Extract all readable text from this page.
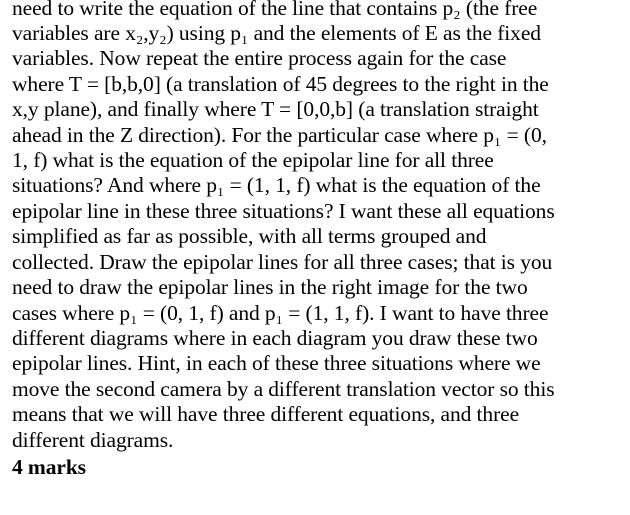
need to write the equation of the line that contains p₂ (the free
variables are x₂,y₂) using p₁ and the elements of E as the fixed
variables. Now repeat the entire process again for the case
where T = [b,b,0] (a translation of 45 degrees to the right in the
x,y plane), and finally where T = [0,0,b] (a translation straight
ahead in the Z direction). For the particular case where p₁ = (0,
1, f) what is the equation of the epipolar line for all three
situations? And where p₁ = (1, 1, f) what is the equation of the
epipolar line in these three situations? I want these all equations
simplified as far as possible, with all terms grouped and
collected. Draw the epipolar lines for all three cases; that is you
need to draw the epipolar lines in the right image for the two
cases where p₁ = (0, 1, f) and p₁ = (1, 1, f). I want to have three
different diagrams where in each diagram you draw these two
epipolar lines. Hint, in each of these three situations where we
move the second camera by a different translation vector so this
means that we will have three different equations, and three
different diagrams.
4 marks
